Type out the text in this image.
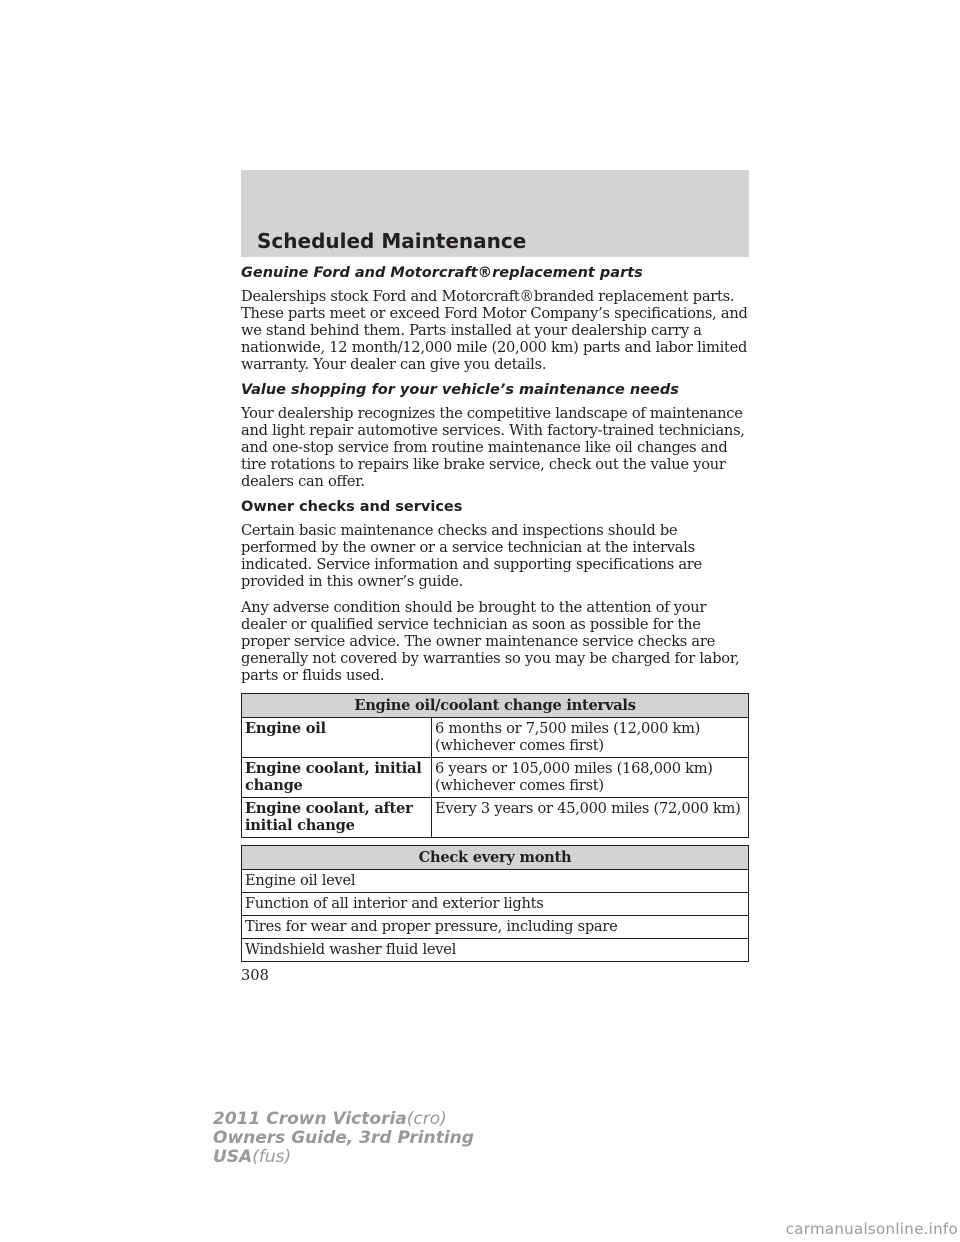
Scheduled Maintenance
Genuine Ford and Motorcraft®replacement parts

Dealerships stock Ford and Motorcraft®branded replacement parts. These parts meet or exceed Ford Motor Company’s specifications, and we stand behind them. Parts installed at your dealership carry a nationwide, 12 month/12,000 mile (20,000 km) parts and labor limited warranty. Your dealer can give you details.

Value shopping for your vehicle’s maintenance needs

Your dealership recognizes the competitive landscape of maintenance and light repair automotive services. With factory-trained technicians, and one-stop service from routine maintenance like oil changes and tire rotations to repairs like brake service, check out the value your dealers can offer.

Owner checks and services

Certain basic maintenance checks and inspections should be performed by the owner or a service technician at the intervals indicated. Service information and supporting specifications are provided in this owner’s guide.

Any adverse condition should be brought to the attention of your dealer or qualified service technician as soon as possible for the proper service advice. The owner maintenance service checks are generally not covered by warranties so you may be charged for labor, parts or fluids used.

Engine oil/coolant change intervals	
Engine oil	6 months or 7,500 miles (12,000 km) (whichever comes first)
Engine coolant, initial change	6 years or 105,000 miles (168,000 km) (whichever comes first)
Engine coolant, after initial change	Every 3 years or 45,000 miles (72,000 km)
Check every month
Engine oil level
Function of all interior and exterior lights
Tires for wear and proper pressure, including spare
Windshield washer fluid level
308
2011 Crown Victoria(cro)
Owners Guide, 3rd Printing
USA(fus)
carmanualsonline.info
